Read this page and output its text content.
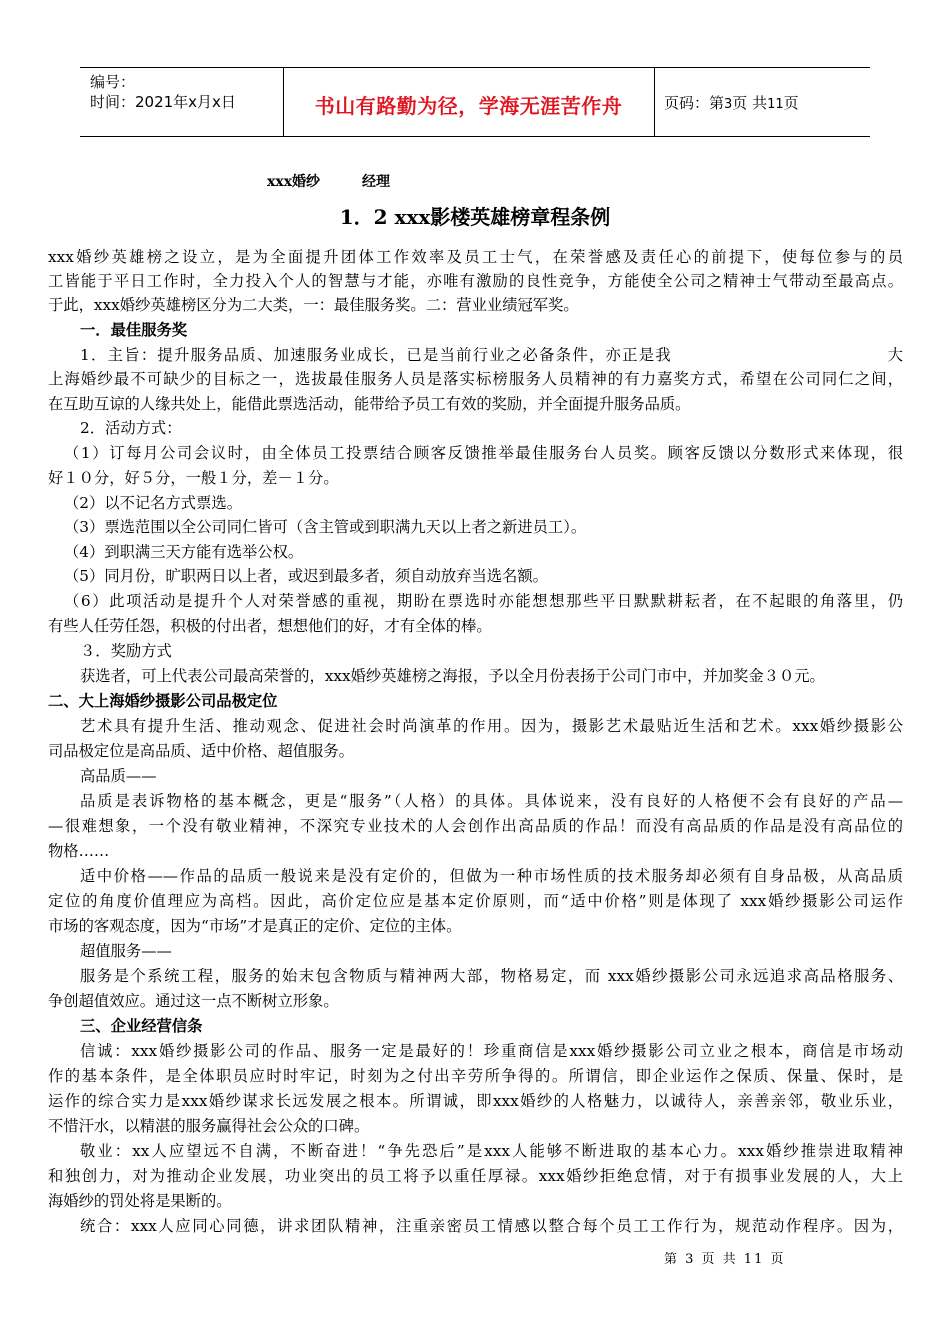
编号：
时间：2021年x月x日	书山有路勤为径，学海无涯苦作舟	页码：第3页 共11页
xxx婚纱　　　经理
1．2 xxx影楼英雄榜章程条例
xxx婚纱英雄榜之设立，是为全面提升团体工作效率及员工士气，在荣誉感及责任心的前提下，使每位参与的员
工皆能于平日工作时，全力投入个人的智慧与才能，亦唯有激励的良性竞争，方能使全公司之精神士气带动至最高点。
于此，xxx婚纱英雄榜区分为二大类，一：最佳服务奖。二：营业业绩冠军奖。
一．最佳服务奖
1．主旨：提升服务品质、加速服务业成长，已是当前行业之必备条件，亦正是我　　　　　　　　　　　　　大
上海婚纱最不可缺少的目标之一，选拔最佳服务人员是落实标榜服务人员精神的有力嘉奖方式，希望在公司同仁之间，
在互助互谅的人缘共处上，能借此票选活动，能带给予员工有效的奖励，并全面提升服务品质。
2．活动方式：
（1）订每月公司会议时，由全体员工投票结合顾客反馈推举最佳服务台人员奖。顾客反馈以分数形式来体现，很
好１０分，好５分，一般１分，差－１分。
（2）以不记名方式票选。
（3）票选范围以全公司同仁皆可（含主管或到职满九天以上者之新进员工）。
（4）到职满三天方能有选举公权。
（5）同月份，旷职两日以上者，或迟到最多者，须自动放弃当选名额。
（6）此项活动是提升个人对荣誉感的重视，期盼在票选时亦能想想那些平日默默耕耘者，在不起眼的角落里，仍
有些人任劳任怨，积极的付出者，想想他们的好，才有全体的棒。
３．奖励方式
获选者，可上代表公司最高荣誉的，xxx婚纱英雄榜之海报，予以全月份表扬于公司门市中，并加奖金３０元。
二、大上海婚纱摄影公司品极定位
艺术具有提升生活、推动观念、促进社会时尚演革的作用。因为，摄影艺术最贴近生活和艺术。xxx婚纱摄影公
司品极定位是高品质、适中价格、超值服务。
高品质——
品质是表诉物格的基本概念，更是“服务”（人格）的具体。具体说来，没有良好的人格便不会有良好的产品—
—很难想象，一个没有敬业精神，不深究专业技术的人会创作出高品质的作品！而没有高品质的作品是没有高品位的
物格……
适中价格——作品的品质一般说来是没有定价的，但做为一种市场性质的技术服务却必须有自身品极，从高品质
定位的角度价值理应为高档。因此，高价定位应是基本定价原则，而“适中价格”则是体现了 xxx婚纱摄影公司运作
市场的客观态度，因为“市场”才是真正的定价、定位的主体。
超值服务——
服务是个系统工程，服务的始末包含物质与精神两大部，物格易定，而 xxx婚纱摄影公司永远追求高品格服务、
争创超值效应。通过这一点不断树立形象。
三、企业经营信条
信诚：xxx婚纱摄影公司的作品、服务一定是最好的！珍重商信是xxx婚纱摄影公司立业之根本，商信是市场动
作的基本条件，是全体职员应时时牢记，时刻为之付出辛劳所争得的。所谓信，即企业运作之保质、保量、保时，是
运作的综合实力是xxx婚纱谋求长远发展之根本。所谓诚，即xxx婚纱的人格魅力，以诚待人，亲善亲邻，敬业乐业，
不惜汗水，以精湛的服务赢得社会公众的口碑。
敬业：xx人应望远不自满，不断奋进！“争先恐后”是xxx人能够不断进取的基本心力。xxx婚纱推崇进取精神
和独创力，对为推动企业发展，功业突出的员工将予以重任厚禄。xxx婚纱拒绝怠情，对于有损事业发展的人，大上
海婚纱的罚处将是果断的。
统合：xxx人应同心同德，讲求团队精神，注重亲密员工情感以整合每个员工工作行为，规范动作程序。因为，
第 3 页 共 11 页
